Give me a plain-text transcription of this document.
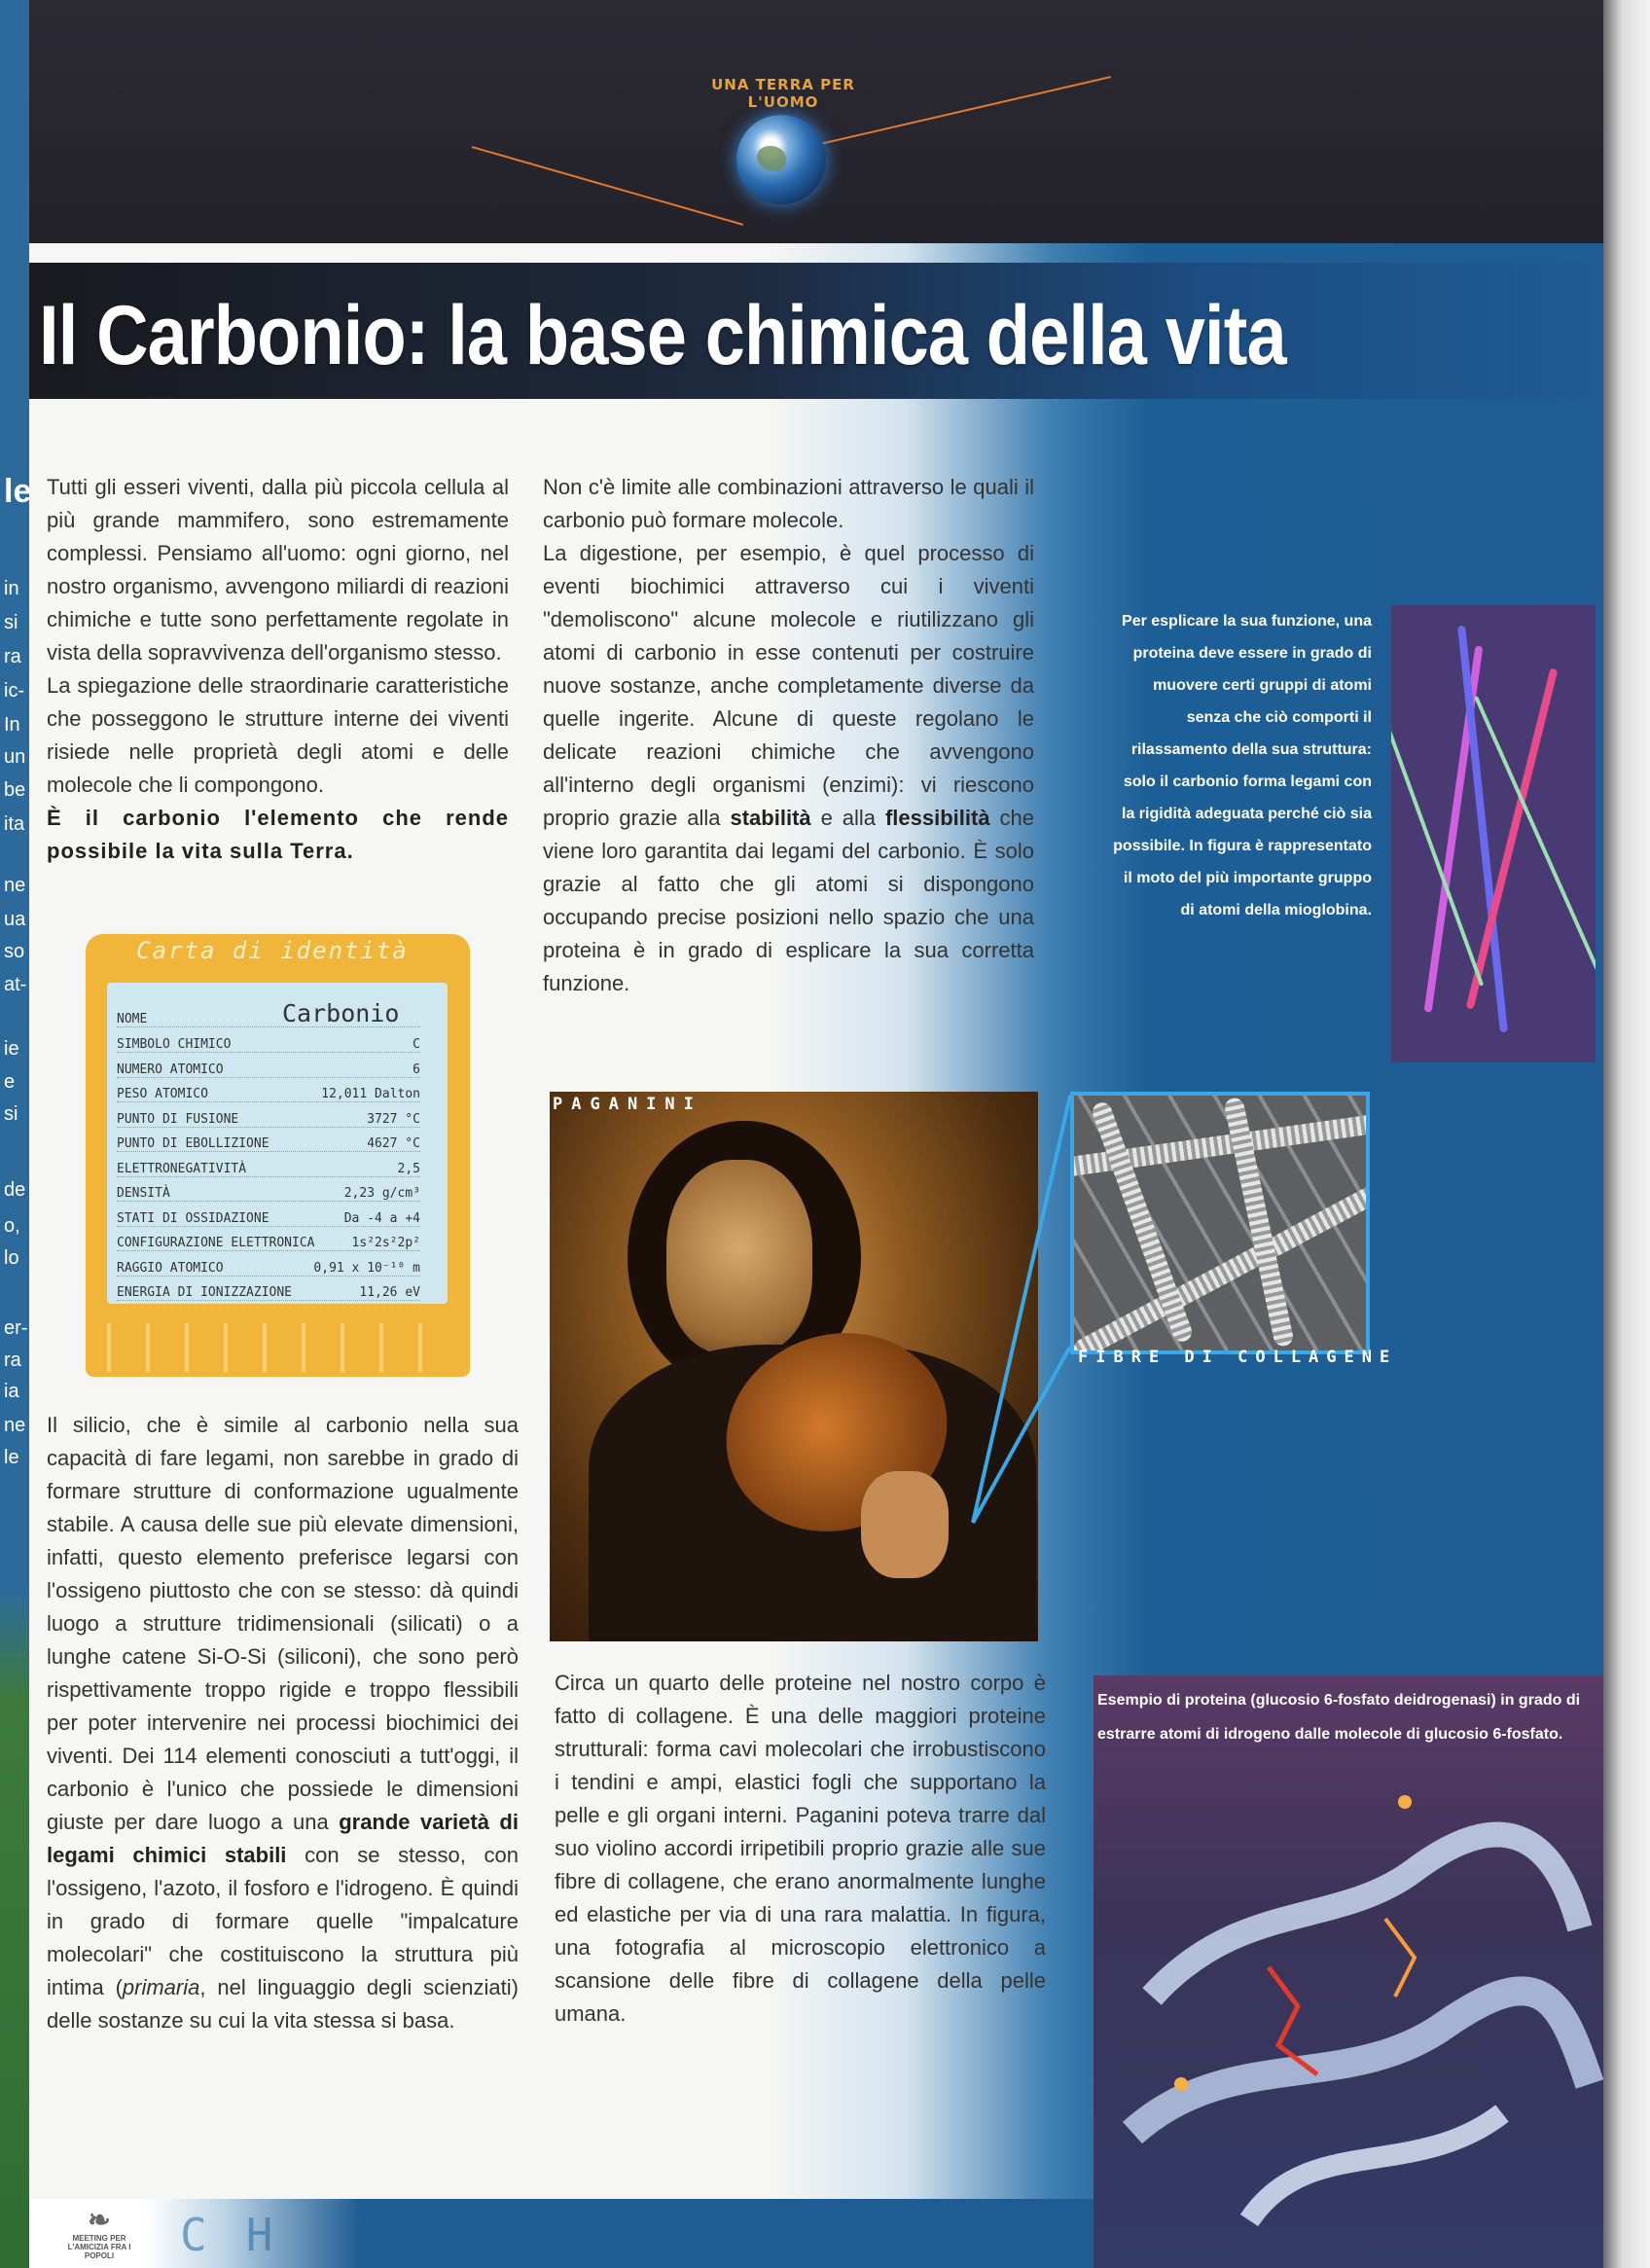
le
in
si
ra
ic-
In
un
be
ita
ne
ua
so
at-
ie
e
si
de
o,
lo
er-
ra
ia
ne
le
UNA TERRA PER L'UOMO
Il Carbonio: la base chimica della vita

Tutti gli esseri viventi, dalla più piccola cellula al più grande mammifero, sono estremamente complessi. Pensiamo all'uomo: ogni giorno, nel nostro organismo, avvengono miliardi di reazioni chimiche e tutte sono perfettamente regolate in vista della sopravvivenza dell'organismo stesso.

La spiegazione delle straordinarie caratteristiche che posseggono le strutture interne dei viventi risiede nelle proprietà degli atomi e delle molecole che li compongono.

È il carbonio l'elemento che rende possibile la vita sulla Terra.

Carta di identità
NOME	Carbonio
SIMBOLO CHIMICO	C
NUMERO ATOMICO	6
PESO ATOMICO	12,011 Dalton
PUNTO DI FUSIONE	3727 °C
PUNTO DI EBOLLIZIONE	4627 °C
ELETTRONEGATIVITÀ	2,5
DENSITÀ	2,23 g/cm³
STATI DI OSSIDAZIONE	Da -4 a +4
CONFIGURAZIONE ELETTRONICA	1s²2s²2p²
RAGGIO ATOMICO	0,91 x 10⁻¹⁰ m
ENERGIA DI IONIZZAZIONE	11,26 eV

Il silicio, che è simile al carbonio nella sua capacità di fare legami, non sarebbe in grado di formare strutture di conformazione ugualmente stabile. A causa delle sue più elevate dimensioni, infatti, questo elemento preferisce legarsi con l'ossigeno piuttosto che con se stesso: dà quindi luogo a strutture tridimensionali (silicati) o a lunghe catene Si-O-Si (siliconi), che sono però rispettivamente troppo rigide e troppo flessibili per poter intervenire nei processi biochimici dei viventi. Dei 114 elementi conosciuti a tutt'oggi, il carbonio è l'unico che possiede le dimensioni giuste per dare luogo a una grande varietà di legami chimici stabili con se stesso, con l'ossigeno, l'azoto, il fosforo e l'idrogeno. È quindi in grado di formare quelle "impalcature molecolari" che costituiscono la struttura più intima (primaria, nel linguaggio degli scienziati) delle sostanze su cui la vita stessa si basa.

Non c'è limite alle combinazioni attraverso le quali il carbonio può formare molecole.

La digestione, per esempio, è quel processo di eventi biochimici attraverso cui i viventi "demoliscono" alcune molecole e riutilizzano gli atomi di carbonio in esse contenuti per costruire nuove sostanze, anche completamente diverse da quelle ingerite. Alcune di queste regolano le delicate reazioni chimiche che avvengono all'interno degli organismi (enzimi): vi riescono proprio grazie alla stabilità e alla flessibilità che viene loro garantita dai legami del carbonio. È solo grazie al fatto che gli atomi si dispongono occupando precise posizioni nello spazio che una proteina è in grado di esplicare la sua corretta funzione.

PAGANINI
FIBRE DI COLLAGENE
Per esplicare la sua funzione, una proteina deve essere in grado di muovere certi gruppi di atomi senza che ciò comporti il rilassamento della sua struttura: solo il carbonio forma legami con la rigidità adeguata perché ciò sia possibile. In figura è rappresentato il moto del più importante gruppo di atomi della mioglobina.

Circa un quarto delle proteine nel nostro corpo è fatto di collagene. È una delle maggiori proteine strutturali: forma cavi molecolari che irrobustiscono i tendini e ampi, elastici fogli che supportano la pelle e gli organi interni. Paganini poteva trarre dal suo violino accordi irripetibili proprio grazie alle sue fibre di collagene, che erano anormalmente lunghe ed elastiche per via di una rara malattia. In figura, una fotografia al microscopio elettronico a scansione delle fibre di collagene della pelle umana.

Esempio di proteina (glucosio 6-fosfato deidrogenasi) in grado di estrarre atomi di idrogeno dalle molecole di glucosio 6-fosfato.
❧
MEETING PER L'AMICIZIA FRA I POPOLI	CH
